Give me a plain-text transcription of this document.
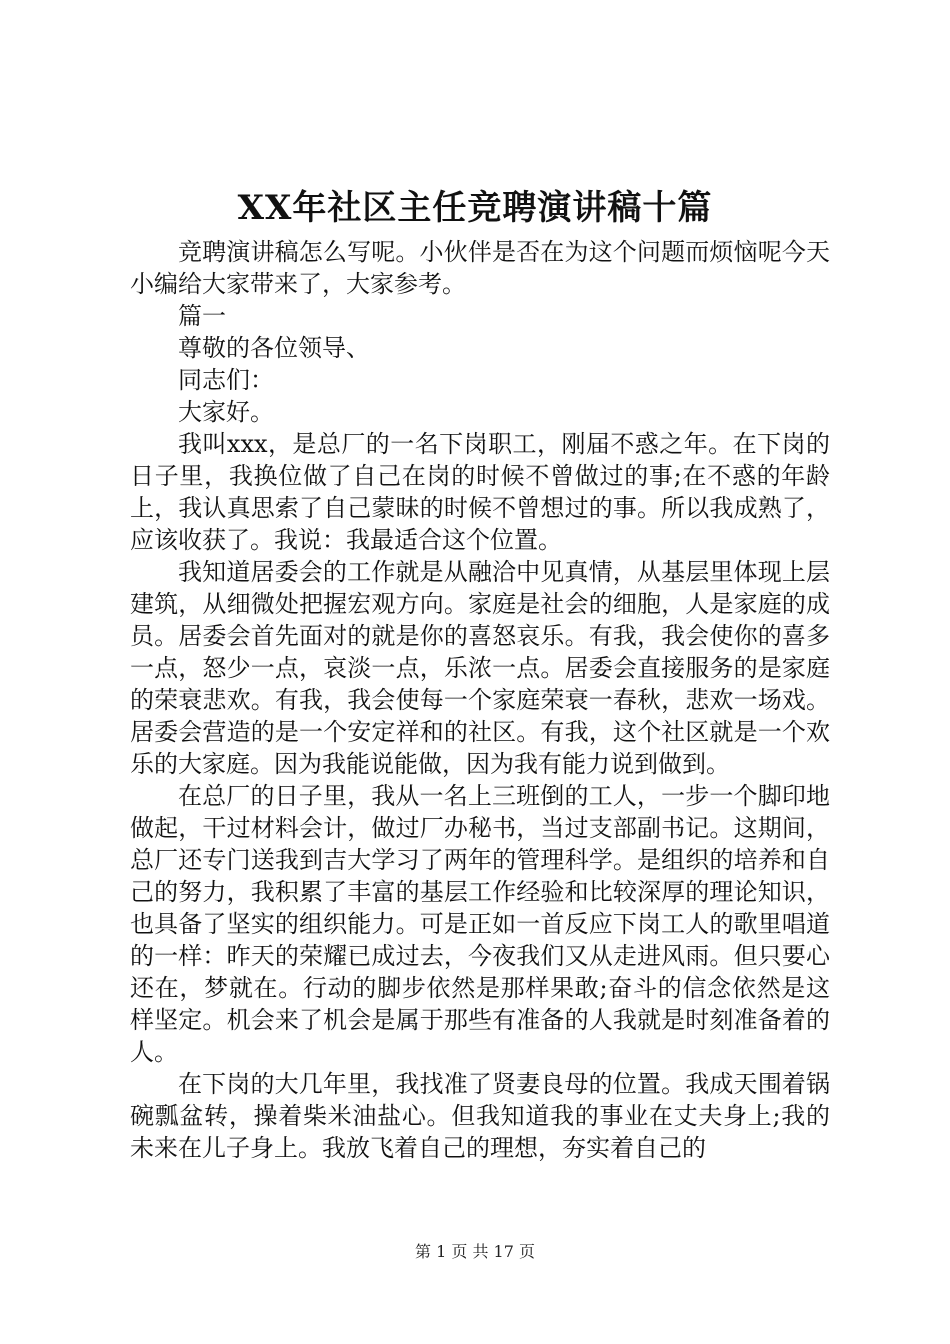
XX年社区主任竞聘演讲稿十篇

竞聘演讲稿怎么写呢。小伙伴是否在为这个问题而烦恼呢今天小编给大家带来了，大家参考。

篇一

尊敬的各位领导、

同志们：

大家好。

我叫xxx，是总厂的一名下岗职工，刚届不惑之年。在下岗的日子里，我换位做了自己在岗的时候不曾做过的事;在不惑的年龄上，我认真思索了自己蒙昧的时候不曾想过的事。所以我成熟了，应该收获了。我说：我最适合这个位置。

我知道居委会的工作就是从融洽中见真情，从基层里体现上层建筑，从细微处把握宏观方向。家庭是社会的细胞，人是家庭的成员。居委会首先面对的就是你的喜怒哀乐。有我，我会使你的喜多一点，怒少一点，哀淡一点，乐浓一点。居委会直接服务的是家庭的荣衰悲欢。有我，我会使每一个家庭荣衰一春秋，悲欢一场戏。居委会营造的是一个安定祥和的社区。有我，这个社区就是一个欢乐的大家庭。因为我能说能做，因为我有能力说到做到。

在总厂的日子里，我从一名上三班倒的工人，一步一个脚印地做起，干过材料会计，做过厂办秘书，当过支部副书记。这期间，总厂还专门送我到吉大学习了两年的管理科学。是组织的培养和自己的努力，我积累了丰富的基层工作经验和比较深厚的理论知识，也具备了坚实的组织能力。可是正如一首反应下岗工人的歌里唱道的一样：昨天的荣耀已成过去，今夜我们又从走进风雨。但只要心还在，梦就在。行动的脚步依然是那样果敢;奋斗的信念依然是这样坚定。机会来了机会是属于那些有准备的人我就是时刻准备着的人。

在下岗的大几年里，我找准了贤妻良母的位置。我成天围着锅碗瓢盆转，操着柴米油盐心。但我知道我的事业在丈夫身上;我的未来在儿子身上。我放飞着自己的理想，夯实着自己的

第 1 页 共 17 页
